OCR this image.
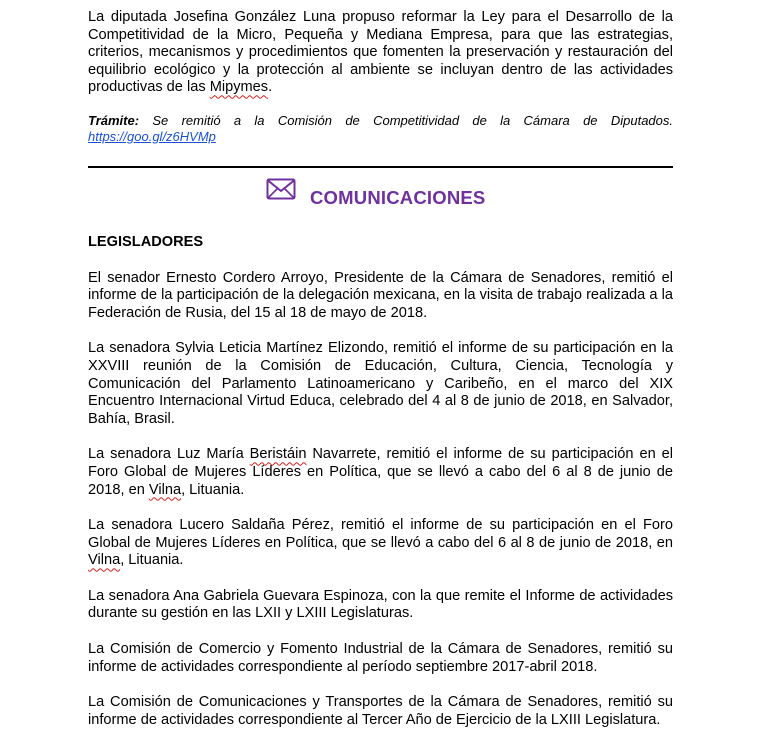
La diputada Josefina González Luna propuso reformar la Ley para el Desarrollo de la Competitividad de la Micro, Pequeña y Mediana Empresa, para que las estrategias, criterios, mecanismos y procedimientos que fomenten la preservación y restauración del equilibrio ecológico y la protección al ambiente se incluyan dentro de las actividades productivas de las Mipymes.

Trámite: Se remitió a la Comisión de Competitividad de la Cámara de Diputados. https://goo.gl/z6HVMp

COMUNICACIONES

LEGISLADORES

El senador Ernesto Cordero Arroyo, Presidente de la Cámara de Senadores, remitió el informe de la participación de la delegación mexicana, en la visita de trabajo realizada a la Federación de Rusia, del 15 al 18 de mayo de 2018.

La senadora Sylvia Leticia Martínez Elizondo, remitió el informe de su participación en la XXVIII reunión de la Comisión de Educación, Cultura, Ciencia, Tecnología y Comunicación del Parlamento Latinoamericano y Caribeño, en el marco del XIX Encuentro Internacional Virtud Educa, celebrado del 4 al 8 de junio de 2018, en Salvador, Bahía, Brasil.

La senadora Luz María Beristáin Navarrete, remitió el informe de su participación en el Foro Global de Mujeres Líderes en Política, que se llevó a cabo del 6 al 8 de junio de 2018, en Vilna, Lituania.

La senadora Lucero Saldaña Pérez, remitió el informe de su participación en el Foro Global de Mujeres Líderes en Política, que se llevó a cabo del 6 al 8 de junio de 2018, en Vilna, Lituania.

La senadora Ana Gabriela Guevara Espinoza, con la que remite el Informe de actividades durante su gestión en las LXII y LXIII Legislaturas.

La Comisión de Comercio y Fomento Industrial de la Cámara de Senadores, remitió su informe de actividades correspondiente al período septiembre 2017-abril 2018.

La Comisión de Comunicaciones y Transportes de la Cámara de Senadores, remitió su informe de actividades correspondiente al Tercer Año de Ejercicio de la LXIII Legislatura.
